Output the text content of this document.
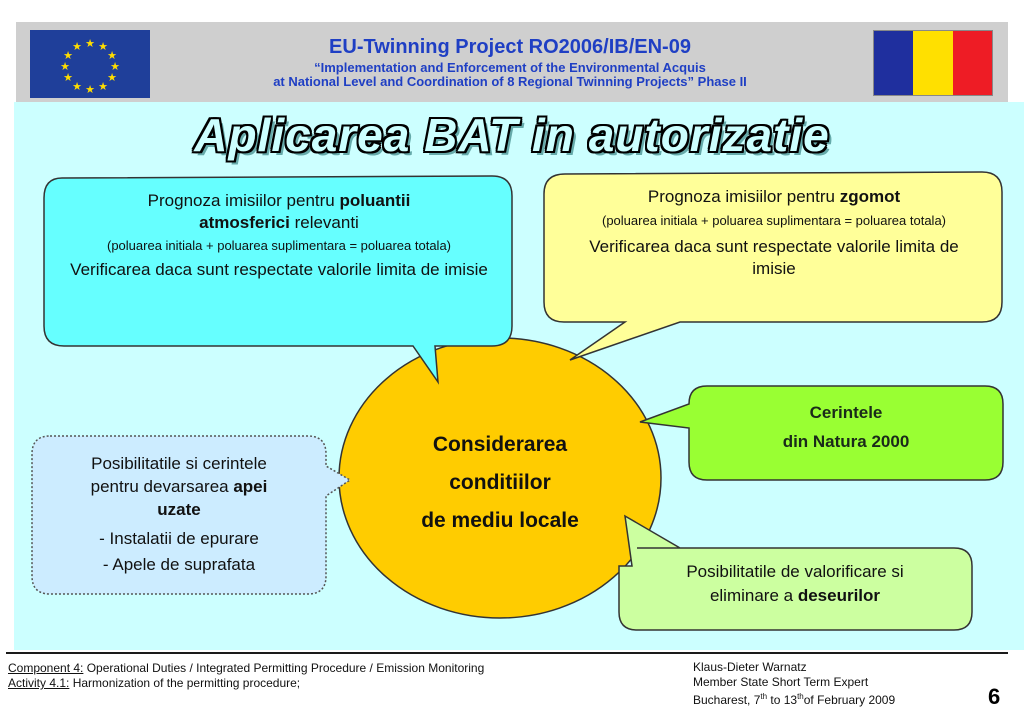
★ ★
★
★
★
★
★
★
★
★
★
★	EU-Twinning Project RO2006/IB/EN-09
“Implementation and Enforcement of the Environmental Acquis
at National Level and Coordination of 8 Regional Twinning Projects” Phase II
Aplicarea BAT in autorizatie
Considerarea
conditiilor
de mediu locale
Prognoza imisiilor pentru poluantii
atmosferici relevanti
(poluarea initiala + poluarea suplimentara = poluarea totala)
Verificarea daca sunt respectate valorile limita de imisie
Prognoza imisiilor pentru zgomot
(poluarea initiala + poluarea suplimentara = poluarea totala)
Verificarea daca sunt respectate valorile limita de imisie
Cerintele
din Natura 2000
Posibilitatile si cerintele
pentru devarsarea apei
uzate
- Instalatii de epurare
- Apele de suprafata	Posibilitatile de valorificare si
eliminare a deseurilor
Component 4: Operational Duties / Integrated Permitting Procedure / Emission Monitoring
Activity 4.1: Harmonization of the permitting procedure;
Klaus-Dieter Warnatz
Member State Short Term Expert
Bucharest, 7th to 13thof February 2009	6
